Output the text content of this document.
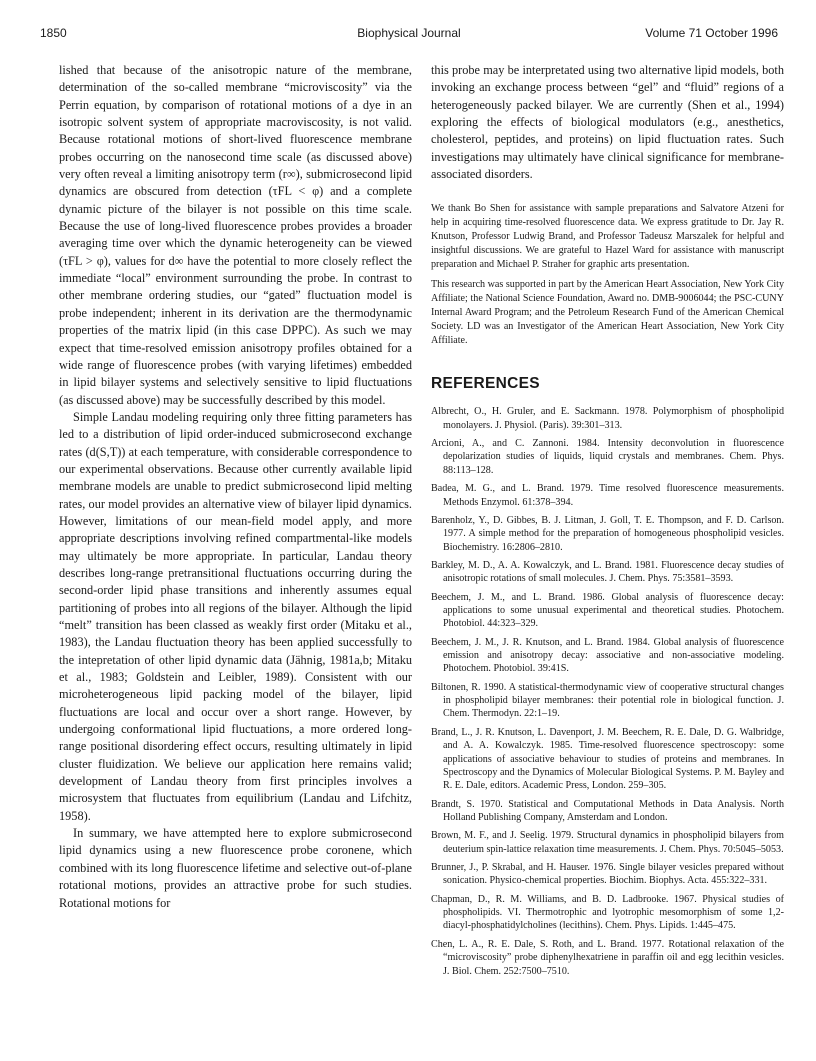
1850	Biophysical Journal	Volume 71 October 1996

lished that because of the anisotropic nature of the membrane, determination of the so-called membrane “microviscosity” via the Perrin equation, by comparison of rotational motions of a dye in an isotropic solvent system of appropriate macroviscosity, is not valid. Because rotational motions of short-lived fluorescence membrane probes occurring on the nanosecond time scale (as discussed above) very often reveal a limiting anisotropy term (r∞), submicrosecond lipid dynamics are obscured from detection (τFL < φ) and a complete dynamic picture of the bilayer is not possible on this time scale. Because the use of long-lived fluorescence probes provides a broader averaging time over which the dynamic heterogeneity can be viewed (τFL > φ), values for d∞ have the potential to more closely reflect the immediate “local” environment surrounding the probe. In contrast to other membrane ordering studies, our “gated” fluctuation model is probe independent; inherent in its derivation are the thermodynamic properties of the matrix lipid (in this case DPPC). As such we may expect that time-resolved emission anisotropy profiles obtained for a wide range of fluorescence probes (with varying lifetimes) embedded in lipid bilayer systems and selectively sensitive to lipid fluctuations (as discussed above) may be successfully described by this model.

Simple Landau modeling requiring only three fitting parameters has led to a distribution of lipid order-induced submicrosecond exchange rates (d(S,T)) at each temperature, with considerable correspondence to our experimental observations. Because other currently available lipid membrane models are unable to predict submicrosecond lipid melting rates, our model provides an alternative view of bilayer lipid dynamics. However, limitations of our mean-field model apply, and more appropriate descriptions involving refined compartmental-like models may ultimately be more appropriate. In particular, Landau theory describes long-range pretransitional fluctuations occurring during the second-order lipid phase transitions and inherently assumes equal partitioning of probes into all regions of the bilayer. Although the lipid “melt” transition has been classed as weakly first order (Mitaku et al., 1983), the Landau fluctuation theory has been applied successfully to the intepretation of other lipid dynamic data (Jähnig, 1981a,b; Mitaku et al., 1983; Goldstein and Leibler, 1989). Consistent with our microheterogeneous lipid packing model of the bilayer, lipid fluctuations are local and occur over a short range. However, by undergoing conformational lipid fluctuations, a more ordered long-range positional disordering effect occurs, resulting ultimately in lipid cluster fluidization. We believe our application here remains valid; development of Landau theory from first principles involves a microsystem that fluctuates from equilibrium (Landau and Lifchitz, 1958).

In summary, we have attempted here to explore submicrosecond lipid dynamics using a new fluorescence probe coronene, which combined with its long fluorescence lifetime and selective out-of-plane rotational motions, provides an attractive probe for such studies. Rotational motions for

this probe may be interpretated using two alternative lipid models, both invoking an exchange process between “gel” and “fluid” regions of a heterogeneously packed bilayer. We are currently (Shen et al., 1994) exploring the effects of biological modulators (e.g., anesthetics, cholesterol, peptides, and proteins) on lipid fluctuation rates. Such investigations may ultimately have clinical significance for membrane-associated disorders.

We thank Bo Shen for assistance with sample preparations and Salvatore Atzeni for help in acquiring time-resolved fluorescence data. We express gratitude to Dr. Jay R. Knutson, Professor Ludwig Brand, and Professor Tadeusz Marszalek for helpful and insightful discussions. We are grateful to Hazel Ward for assistance with manuscript preparation and Michael P. Straher for graphic arts presentation.

This research was supported in part by the American Heart Association, New York City Affiliate; the National Science Foundation, Award no. DMB-9006044; the PSC-CUNY Internal Award Program; and the Petroleum Research Fund of the American Chemical Society. LD was an Investigator of the American Heart Association, New York City Affiliate.

REFERENCES

Albrecht, O., H. Gruler, and E. Sackmann. 1978. Polymorphism of phospholipid monolayers. J. Physiol. (Paris). 39:301–313.

Arcioni, A., and C. Zannoni. 1984. Intensity deconvolution in fluorescence depolarization studies of liquids, liquid crystals and membranes. Chem. Phys. 88:113–128.

Badea, M. G., and L. Brand. 1979. Time resolved fluorescence measurements. Methods Enzymol. 61:378–394.

Barenholz, Y., D. Gibbes, B. J. Litman, J. Goll, T. E. Thompson, and F. D. Carlson. 1977. A simple method for the preparation of homogeneous phospholipid vesicles. Biochemistry. 16:2806–2810.

Barkley, M. D., A. A. Kowalczyk, and L. Brand. 1981. Fluorescence decay studies of anisotropic rotations of small molecules. J. Chem. Phys. 75:3581–3593.

Beechem, J. M., and L. Brand. 1986. Global analysis of fluorescence decay: applications to some unusual experimental and theoretical studies. Photochem. Photobiol. 44:323–329.

Beechem, J. M., J. R. Knutson, and L. Brand. 1984. Global analysis of fluorescence emission and anisotropy decay: associative and non-associative modeling. Photochem. Photobiol. 39:41S.

Biltonen, R. 1990. A statistical-thermodynamic view of cooperative structural changes in phospholipid bilayer membranes: their potential role in biological function. J. Chem. Thermodyn. 22:1–19.

Brand, L., J. R. Knutson, L. Davenport, J. M. Beechem, R. E. Dale, D. G. Walbridge, and A. A. Kowalczyk. 1985. Time-resolved fluorescence spectroscopy: some applications of associative behaviour to studies of proteins and membranes. In Spectroscopy and the Dynamics of Molecular Biological Systems. P. M. Bayley and R. E. Dale, editors. Academic Press, London. 259–305.

Brandt, S. 1970. Statistical and Computational Methods in Data Analysis. North Holland Publishing Company, Amsterdam and London.

Brown, M. F., and J. Seelig. 1979. Structural dynamics in phospholipid bilayers from deuterium spin-lattice relaxation time measurements. J. Chem. Phys. 70:5045–5053.

Brunner, J., P. Skrabal, and H. Hauser. 1976. Single bilayer vesicles prepared without sonication. Physico-chemical properties. Biochim. Biophys. Acta. 455:322–331.

Chapman, D., R. M. Williams, and B. D. Ladbrooke. 1967. Physical studies of phospholipids. VI. Thermotrophic and lyotrophic mesomorphism of some 1,2-diacyl-phosphatidylcholines (lecithins). Chem. Phys. Lipids. 1:445–475.

Chen, L. A., R. E. Dale, S. Roth, and L. Brand. 1977. Rotational relaxation of the “microviscosity” probe diphenylhexatriene in paraffin oil and egg lecithin vesicles. J. Biol. Chem. 252:7500–7510.
